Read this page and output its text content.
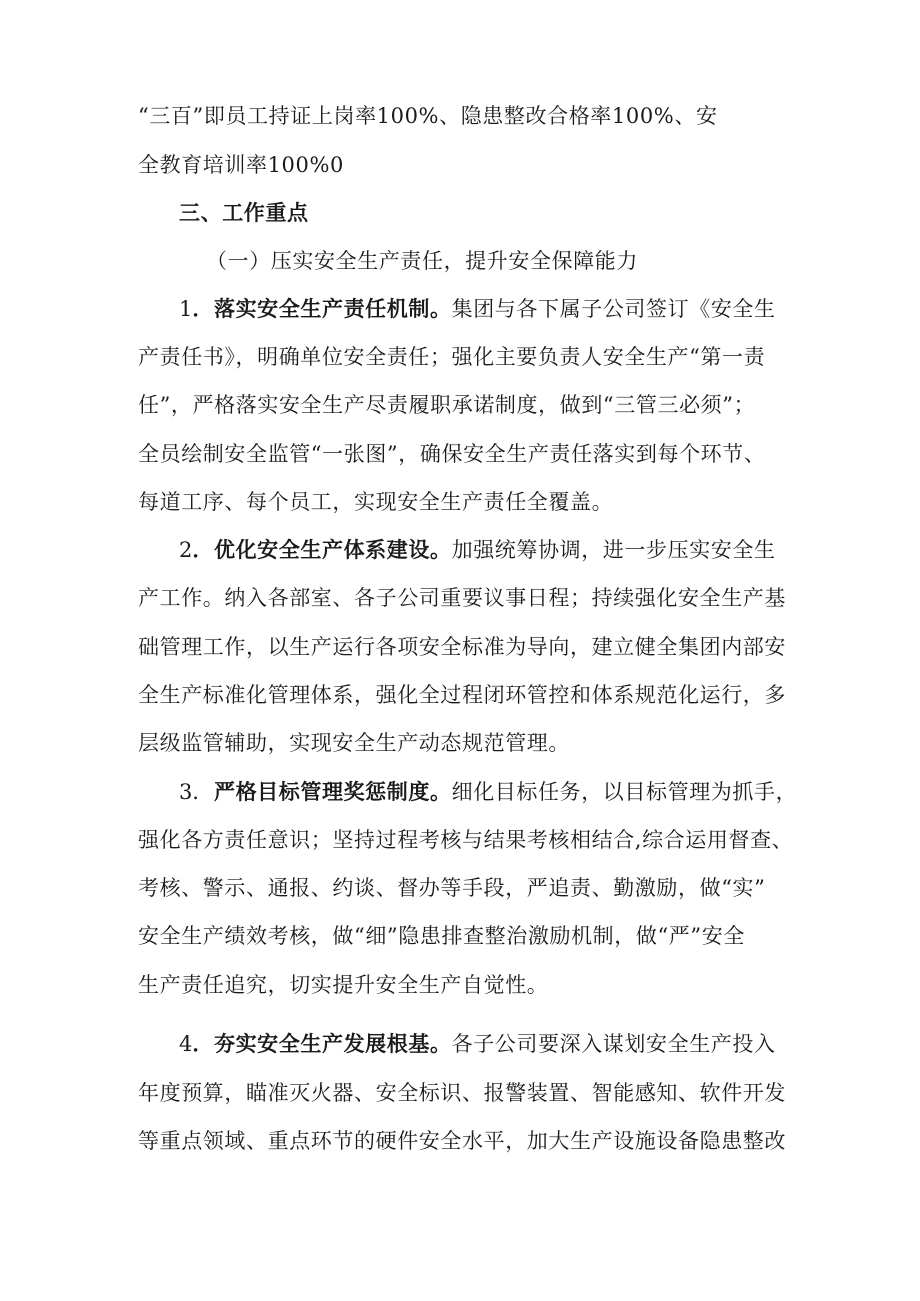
“三百”即员工持证上岗率100%、隐患整改合格率100%、安
全教育培训率100%0
三、工作重点
（一）压实安全生产责任，提升安全保障能力
1．落实安全生产责任机制。集团与各下属子公司签订《安全生
产责任书》，明确单位安全责任；强化主要负责人安全生产“第一责
任”，严格落实安全生产尽责履职承诺制度，做到“三管三必须”；
全员绘制安全监管“一张图”，确保安全生产责任落实到每个环节、
每道工序、每个员工，实现安全生产责任全覆盖。
2．优化安全生产体系建设。加强统筹协调，进一步压实安全生
产工作。纳入各部室、各子公司重要议事日程；持续强化安全生产基
础管理工作，以生产运行各项安全标准为导向，建立健全集团内部安
全生产标准化管理体系，强化全过程闭环管控和体系规范化运行，多
层级监管辅助，实现安全生产动态规范管理。
3．严格目标管理奖惩制度。细化目标任务，以目标管理为抓手，
强化各方责任意识；坚持过程考核与结果考核相结合,综合运用督查、
考核、警示、通报、约谈、督办等手段，严追责、勤激励，做“实”
安全生产绩效考核，做“细”隐患排查整治激励机制，做“严”安全
生产责任追究，切实提升安全生产自觉性。
4．夯实安全生产发展根基。各子公司要深入谋划安全生产投入
年度预算，瞄准灭火器、安全标识、报警装置、智能感知、软件开发
等重点领域、重点环节的硬件安全水平，加大生产设施设备隐患整改
